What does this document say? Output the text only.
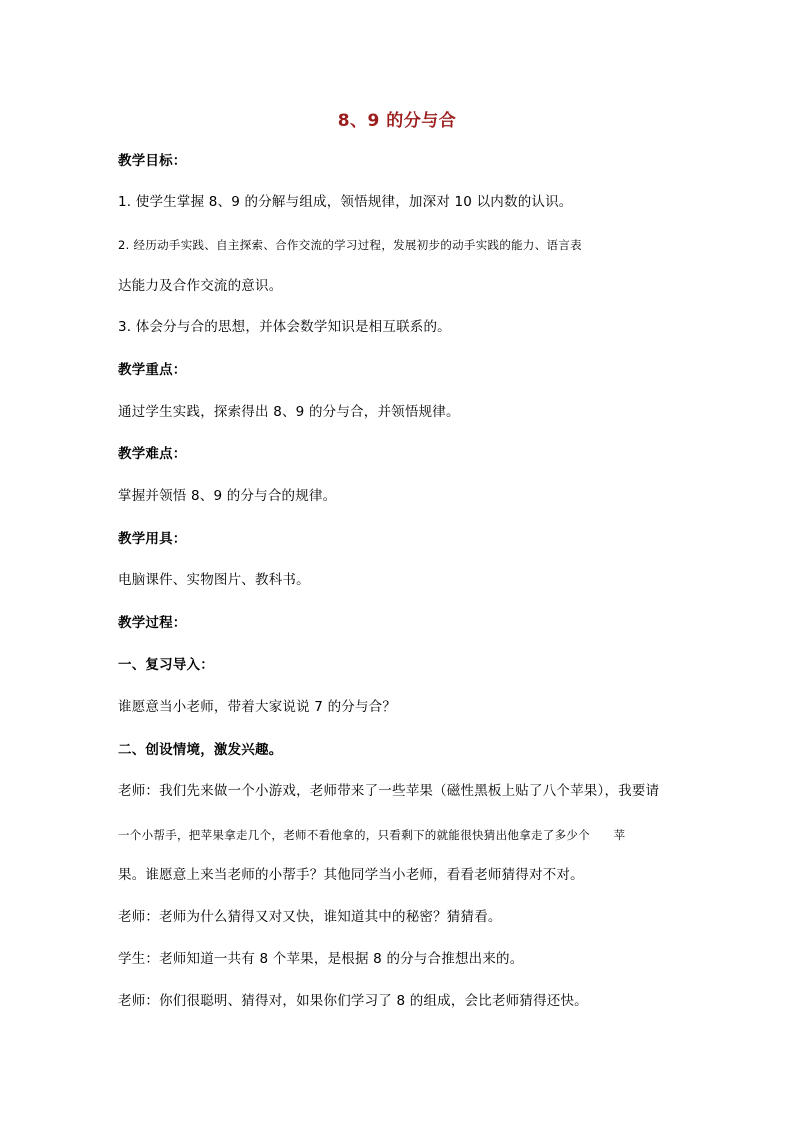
8、9 的分与合
教学目标：
1. 使学生掌握 8、9 的分解与组成，领悟规律，加深对 10 以内数的认识。
2. 经历动手实践、自主探索、合作交流的学习过程，发展初步的动手实践的能力、语言表
达能力及合作交流的意识。
3. 体会分与合的思想，并体会数学知识是相互联系的。
教学重点：
通过学生实践，探索得出 8、9 的分与合，并领悟规律。
教学难点：
掌握并领悟 8、9 的分与合的规律。
教学用具：
电脑课件、实物图片、教科书。
教学过程：
一、复习导入：
谁愿意当小老师，带着大家说说 7 的分与合？
二、创设情境，激发兴趣。
老师：我们先来做一个小游戏，老师带来了一些苹果（磁性黑板上贴了八个苹果），我要请
一个小帮手，把苹果拿走几个，老师不看他拿的，只看剩下的就能很快猜出他拿走了多少个　　苹
果。谁愿意上来当老师的小帮手？其他同学当小老师，看看老师猜得对不对。
老师：老师为什么猜得又对又快，谁知道其中的秘密？猜猜看。
学生：老师知道一共有 8 个苹果，是根据 8 的分与合推想出来的。
老师：你们很聪明、猜得对，如果你们学习了 8 的组成，会比老师猜得还快。
